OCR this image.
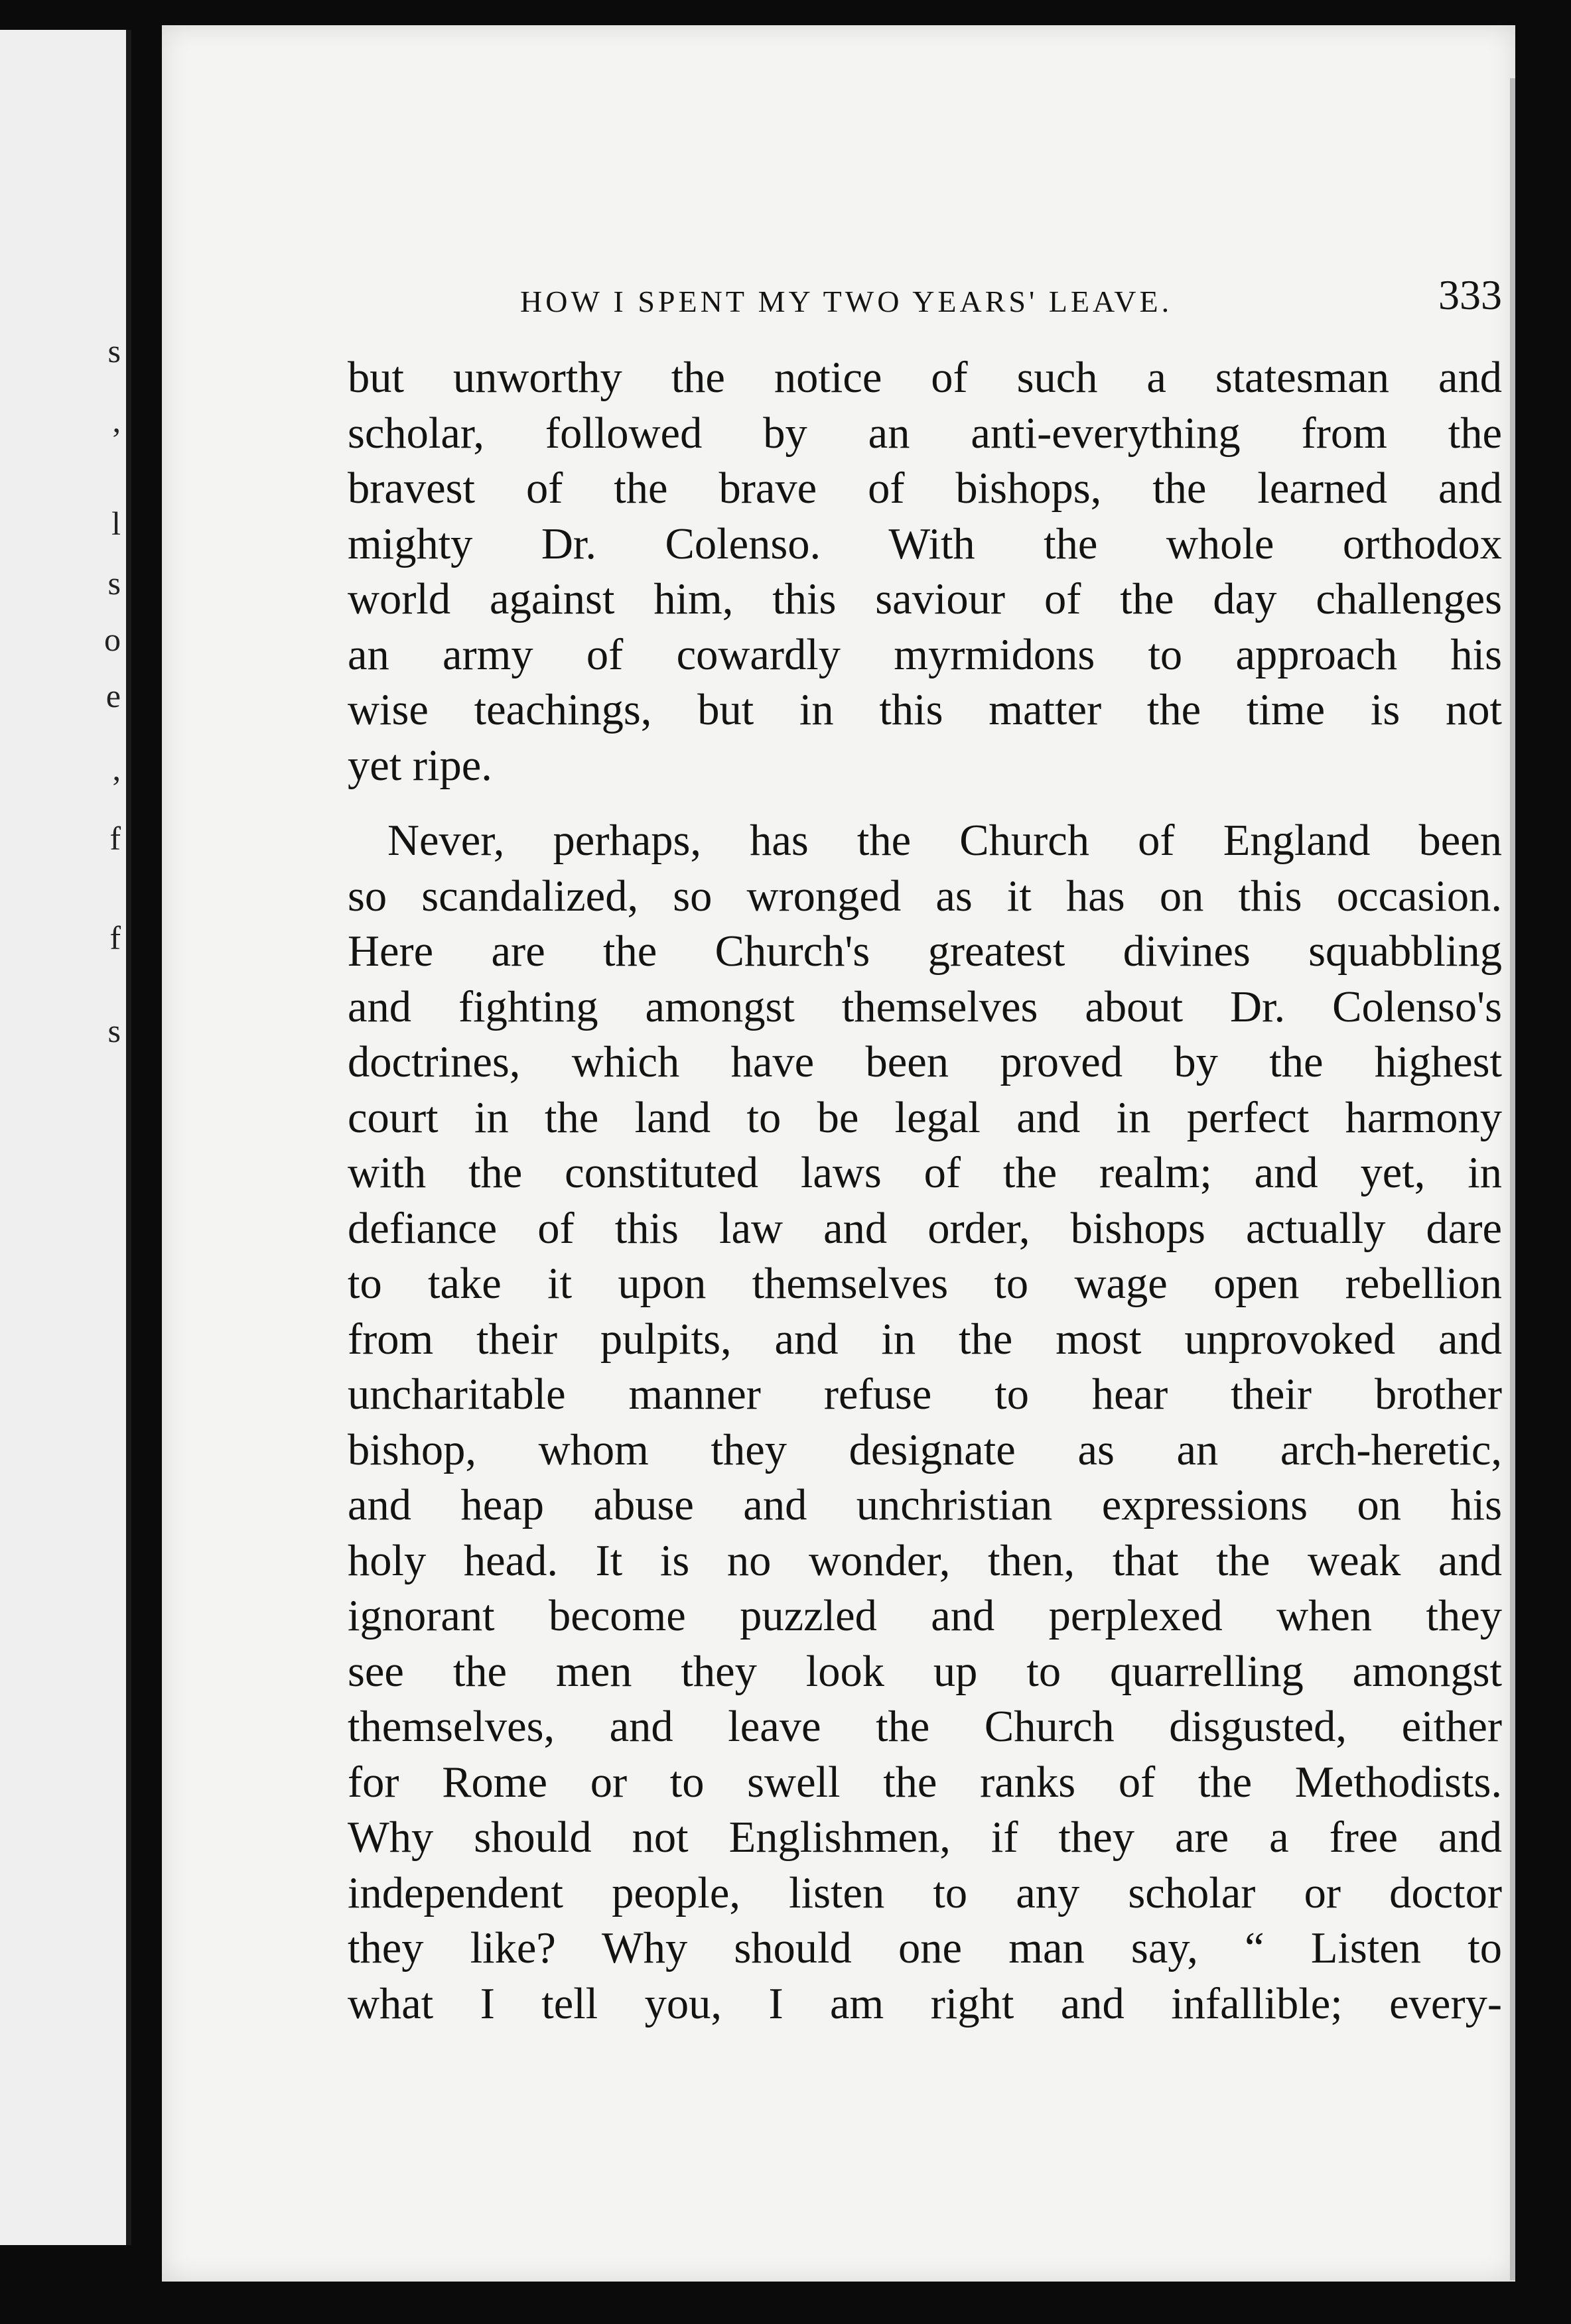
s
,
l
s
o
e
,
f
f
s
HOW I SPENT MY TWO YEARS' LEAVE.	333
but unworthy the notice of such a statesman and
scholar, followed by an anti-everything from the
bravest of the brave of bishops, the learned and
mighty Dr. Colenso. With the whole orthodox
world against him, this saviour of the day challenges
an army of cowardly myrmidons to approach his
wise teachings, but in this matter the time is not
yet ripe.
Never, perhaps, has the Church of England been
so scandalized, so wronged as it has on this occasion.
Here are the Church's greatest divines squabbling
and fighting amongst themselves about Dr. Colenso's
doctrines, which have been proved by the highest
court in the land to be legal and in perfect harmony
with the constituted laws of the realm; and yet, in
defiance of this law and order, bishops actually dare
to take it upon themselves to wage open rebellion
from their pulpits, and in the most unprovoked and
uncharitable manner refuse to hear their brother
bishop, whom they designate as an arch-heretic,
and heap abuse and unchristian expressions on his
holy head. It is no wonder, then, that the weak and
ignorant become puzzled and perplexed when they
see the men they look up to quarrelling amongst
themselves, and leave the Church disgusted, either
for Rome or to swell the ranks of the Methodists.
Why should not Englishmen, if they are a free and
independent people, listen to any scholar or doctor
they like? Why should one man say, “ Listen to
what I tell you, I am right and infallible; every-
